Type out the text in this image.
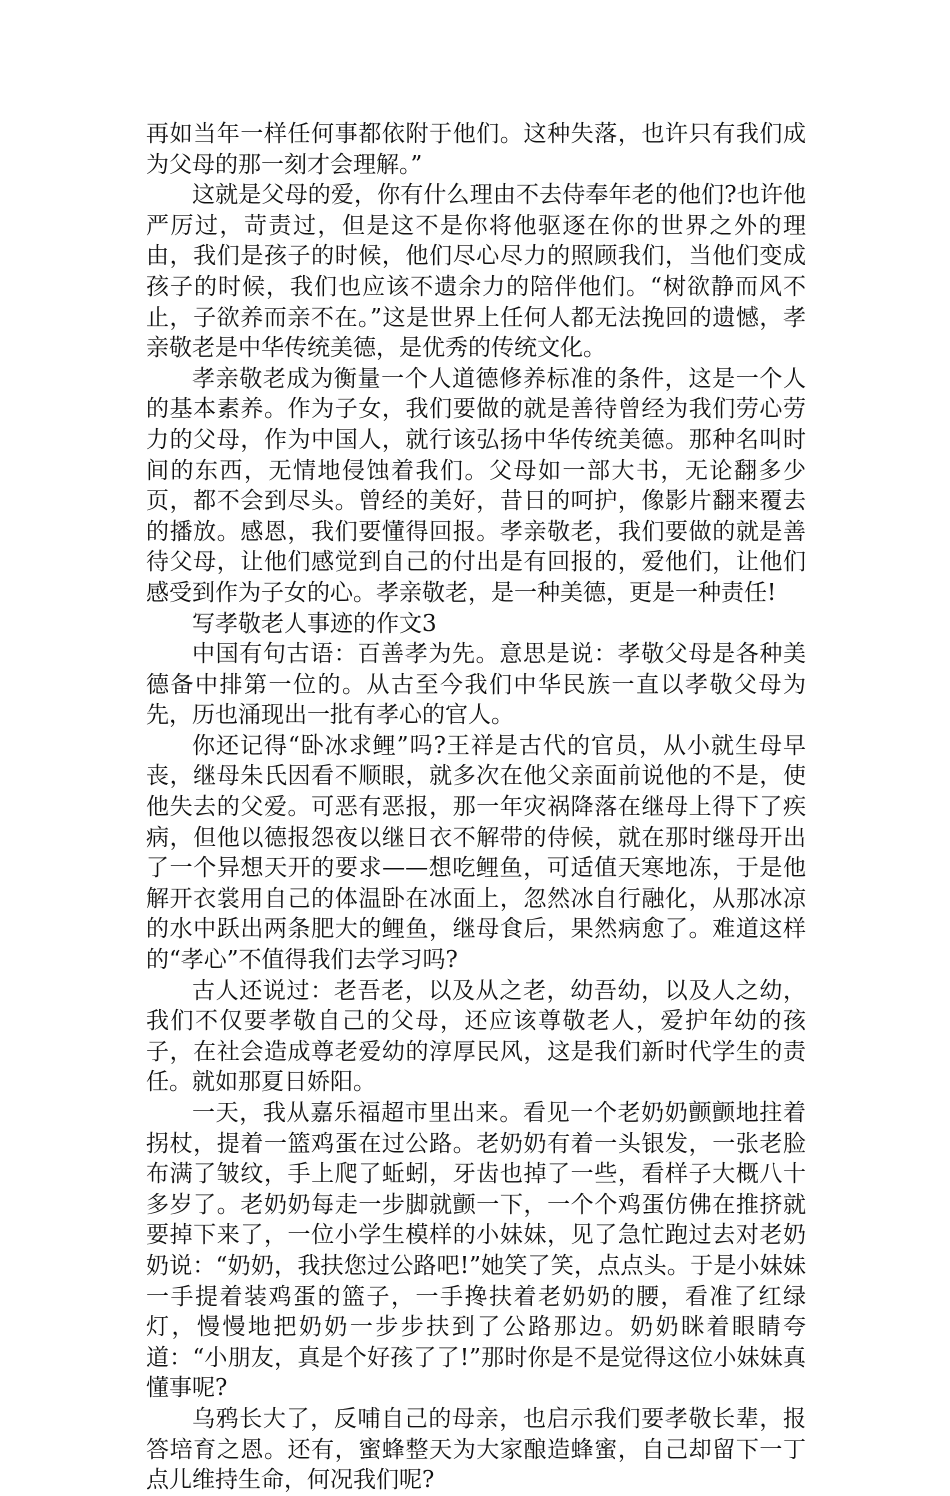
再如当年一样任何事都依附于他们。这种失落，也许只有我们成为父母的那一刻才会理解。”

这就是父母的爱，你有什么理由不去侍奉年老的他们?也许他严厉过，苛责过，但是这不是你将他驱逐在你的世界之外的理由，我们是孩子的时候，他们尽心尽力的照顾我们，当他们变成孩子的时候，我们也应该不遗余力的陪伴他们。“树欲静而风不止，子欲养而亲不在。”这是世界上任何人都无法挽回的遗憾，孝亲敬老是中华传统美德，是优秀的传统文化。

孝亲敬老成为衡量一个人道德修养标准的条件，这是一个人的基本素养。作为子女，我们要做的就是善待曾经为我们劳心劳力的父母，作为中国人，就行该弘扬中华传统美德。那种名叫时间的东西，无情地侵蚀着我们。父母如一部大书，无论翻多少页，都不会到尽头。曾经的美好，昔日的呵护，像影片翻来覆去的播放。感恩，我们要懂得回报。孝亲敬老，我们要做的就是善待父母，让他们感觉到自己的付出是有回报的，爱他们，让他们感受到作为子女的心。孝亲敬老，是一种美德，更是一种责任!

写孝敬老人事迹的作文3

中国有句古语：百善孝为先。意思是说：孝敬父母是各种美德备中排第一位的。从古至今我们中华民族一直以孝敬父母为先，历也涌现出一批有孝心的官人。

你还记得“卧冰求鲤”吗?王祥是古代的官员，从小就生母早丧，继母朱氏因看不顺眼，就多次在他父亲面前说他的不是，使他失去的父爱。可恶有恶报，那一年灾祸降落在继母上得下了疾病，但他以德报怨夜以继日衣不解带的侍候，就在那时继母开出了一个异想天开的要求——想吃鲤鱼，可适值天寒地冻，于是他解开衣裳用自己的体温卧在冰面上，忽然冰自行融化，从那冰凉的水中跃出两条肥大的鲤鱼，继母食后，果然病愈了。难道这样的“孝心”不值得我们去学习吗?

古人还说过：老吾老，以及从之老，幼吾幼，以及人之幼，我们不仅要孝敬自己的父母，还应该尊敬老人，爱护年幼的孩子，在社会造成尊老爱幼的淳厚民风，这是我们新时代学生的责任。就如那夏日娇阳。

一天，我从嘉乐福超市里出来。看见一个老奶奶颤颤地拄着拐杖，提着一篮鸡蛋在过公路。老奶奶有着一头银发，一张老脸布满了皱纹，手上爬了蚯蚓，牙齿也掉了一些，看样子大概八十多岁了。老奶奶每走一步脚就颤一下，一个个鸡蛋仿佛在推挤就要掉下来了，一位小学生模样的小妹妹，见了急忙跑过去对老奶奶说：“奶奶，我扶您过公路吧!”她笑了笑，点点头。于是小妹妹一手提着装鸡蛋的篮子，一手搀扶着老奶奶的腰，看准了红绿灯，慢慢地把奶奶一步步扶到了公路那边。奶奶眯着眼睛夸道：“小朋友，真是个好孩了了!”那时你是不是觉得这位小妹妹真懂事呢?

乌鸦长大了，反哺自己的母亲，也启示我们要孝敬长辈，报答培育之恩。还有，蜜蜂整天为大家酿造蜂蜜，自己却留下一丁点儿维持生命，何况我们呢?
